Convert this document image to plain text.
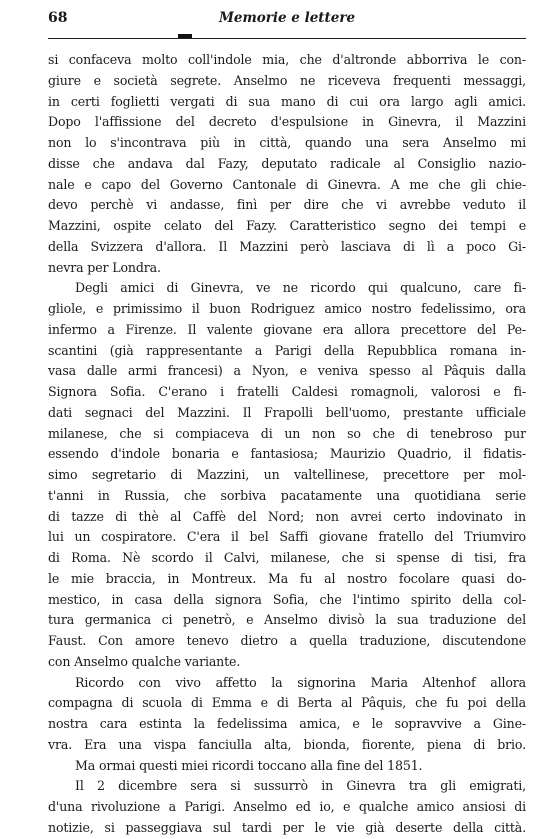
68	Memorie e lettere
si confaceva molto coll'indole mia, che d'altronde abborriva le con-
giure e società segrete. Anselmo ne riceveva frequenti messaggi,
in certi foglietti vergati di sua mano di cui ora largo agli amici.
Dopo l'affissione del decreto d'espulsione in Ginevra, il Mazzini
non lo s'incontrava più in città, quando una sera Anselmo mi
disse che andava dal Fazy, deputato radicale al Consiglio nazio-
nale e capo del Governo Cantonale di Ginevra. A me che gli chie-
devo perchè vi andasse, finì per dire che vi avrebbe veduto il
Mazzini, ospite celato del Fazy. Caratteristico segno dei tempi e
della Svizzera d'allora. Il Mazzini però lasciava di lì a poco Gi-
nevra per Londra.
Degli amici di Ginevra, ve ne ricordo qui qualcuno, care fi-
gliole, e primissimo il buon Rodriguez amico nostro fedelissimo, ora
infermo a Firenze. Il valente giovane era allora precettore del Pe-
scantini (già rappresentante a Parigi della Repubblica romana in-
vasa dalle armi francesi) a Nyon, e veniva spesso al Pâquis dalla
Signora Sofia. C'erano i fratelli Caldesi romagnoli, valorosi e fi-
dati segnaci del Mazzini. Il Frapolli bell'uomo, prestante ufficiale
milanese, che si compiaceva di un non so che di tenebroso pur
essendo d'indole bonaria e fantasiosa; Maurizio Quadrio, il fidatis-
simo segretario di Mazzini, un valtellinese, precettore per mol-
t'anni in Russia, che sorbiva pacatamente una quotidiana serie
di tazze di thè al Caffè del Nord; non avrei certo indovinato in
lui un cospiratore. C'era il bel Saffi giovane fratello del Triumviro
di Roma. Nè scordo il Calvi, milanese, che si spense di tisi, fra
le mie braccia, in Montreux. Ma fu al nostro focolare quasi do-
mestico, in casa della signora Sofia, che l'intimo spirito della col-
tura germanica ci penetrò, e Anselmo divisò la sua traduzione del
Faust. Con amore tenevo dietro a quella traduzione, discutendone
con Anselmo qualche variante.
Ricordo con vivo affetto la signorina Maria Altenhof allora
compagna di scuola di Emma e di Berta al Pâquis, che fu poi della
nostra cara estinta la fedelissima amica, e le sopravvive a Gine-
vra. Era una vispa fanciulla alta, bionda, fiorente, piena di brio.
Ma ormai questi miei ricordi toccano alla fine del 1851.
Il 2 dicembre sera si sussurrò in Ginevra tra gli emigrati,
d'una rivoluzione a Parigi. Anselmo ed io, e qualche amico ansiosi di
notizie, si passeggiava sul tardi per le vie già deserte della città.
